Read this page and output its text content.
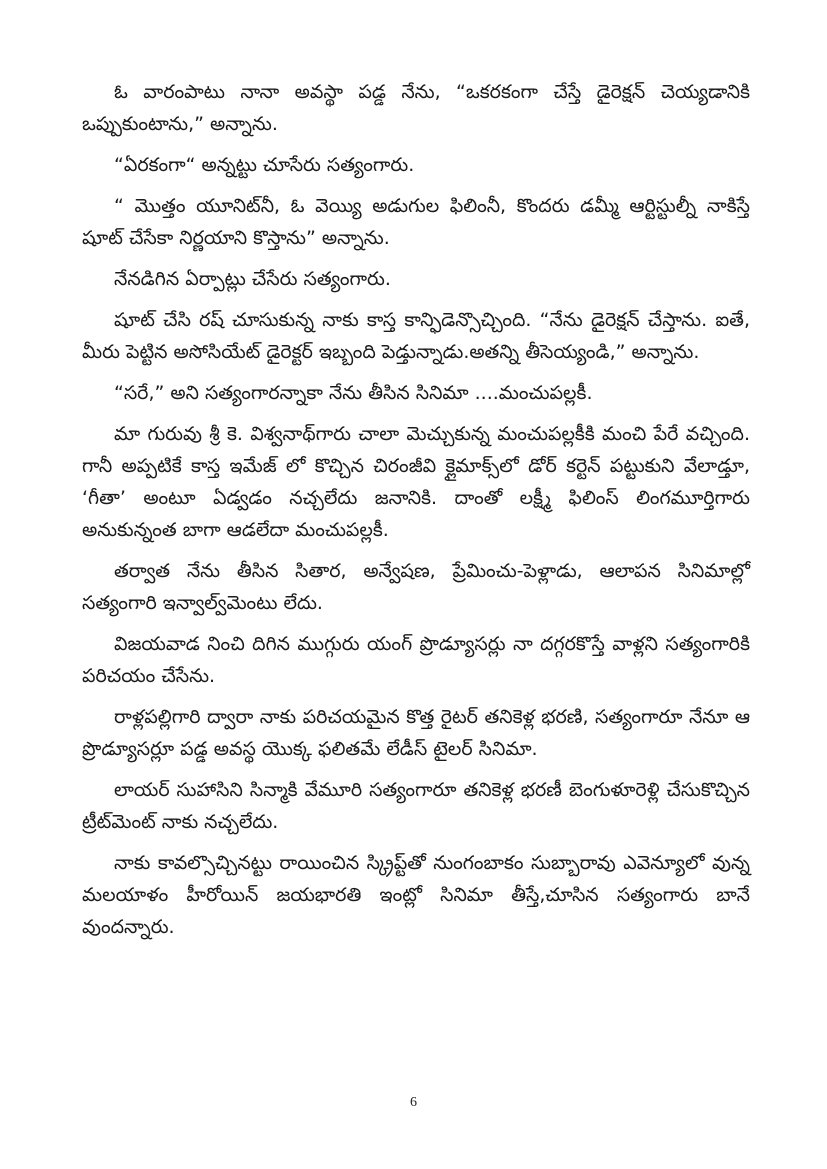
ఓ వారంపాటు నానా అవస్థా పడ్డ నేను, “ఒకరకంగా చేస్తే డైరెక్షన్ చెయ్యడానికి ఒప్పుకుంటాను,” అన్నాను.

“ఏరకంగా“ అన్నట్టు చూసేరు సత్యంగారు.

“ మొత్తం యూనిట్‌నీ, ఓ వెయ్యి అడుగుల ఫిలింనీ, కొందరు డమ్మీ ఆర్టిస్టుల్నీ నాకిస్తే షూట్ చేసేకా నిర్ణయాని కొస్తాను” అన్నాను.

నేనడిగిన ఏర్పాట్లు చేసేరు సత్యంగారు.

షూట్ చేసి రష్ చూసుకున్న నాకు కాస్త కాన్ఫిడెన్సొచ్చింది. “నేను డైరెక్షన్ చేస్తాను. ఐతే, మీరు పెట్టిన అసోసియేట్ డైరెక్టర్ ఇబ్బంది పెడ్తున్నాడు.అతన్ని తీసెయ్యండి,” అన్నాను.

“సరే,” అని సత్యంగారన్నాకా నేను తీసిన సినిమా ....మంచుపల్లకీ.

మా గురువు శ్రీ కె. విశ్వనాథ్‌గారు చాలా మెచ్చుకున్న మంచుపల్లకీకి మంచి పేరే వచ్చింది. గానీ అప్పటికే కాస్త ఇమేజ్ లో కొచ్చిన చిరంజీవి క్లైమాక్స్‌లో డోర్ కర్టెన్ పట్టుకుని వేలాడ్తూ, ‘గీతా’ అంటూ ఏడ్వడం నచ్చలేదు జనానికి. దాంతో లక్ష్మీ ఫిలింస్ లింగమూర్తిగారు అనుకున్నంత బాగా ఆడలేదా మంచుపల్లకీ.

తర్వాత నేను తీసిన సితార, అన్వేషణ, ప్రేమించు-పెళ్లాడు, ఆలాపన సినిమాల్లో సత్యంగారి ఇన్వాల్వ్‌మెంటు లేదు.

విజయవాడ నించి దిగిన ముగ్గురు యంగ్ ప్రొడ్యూసర్లు నా దగ్గరకొస్తే వాళ్లని సత్యంగారికి పరిచయం చేసేను.

రాళ్లపల్లిగారి ద్వారా నాకు పరిచయమైన కొత్త రైటర్ తనికెళ్ల భరణి, సత్యంగారూ నేనూ ఆ ప్రొడ్యూసర్లూ పడ్డ అవస్థ యొక్క ఫలితమే లేడీస్ టైలర్ సినిమా.

లాయర్ సుహాసిని సిన్మాకి వేమూరి సత్యంగారూ తనికెళ్ల భరణీ బెంగుళూరెళ్లి చేసుకొచ్చిన ట్రీట్‌మెంట్ నాకు నచ్చలేదు.

నాకు కావల్సొచ్చినట్టు రాయించిన స్క్రిప్ట్‌తో నుంగంబాకం సుబ్బారావు ఎవెన్యూలో వున్న మలయాళం హీరోయిన్ జయభారతి ఇంట్లో సినిమా తీస్తే,చూసిన సత్యంగారు బానే వుందన్నారు.

6
